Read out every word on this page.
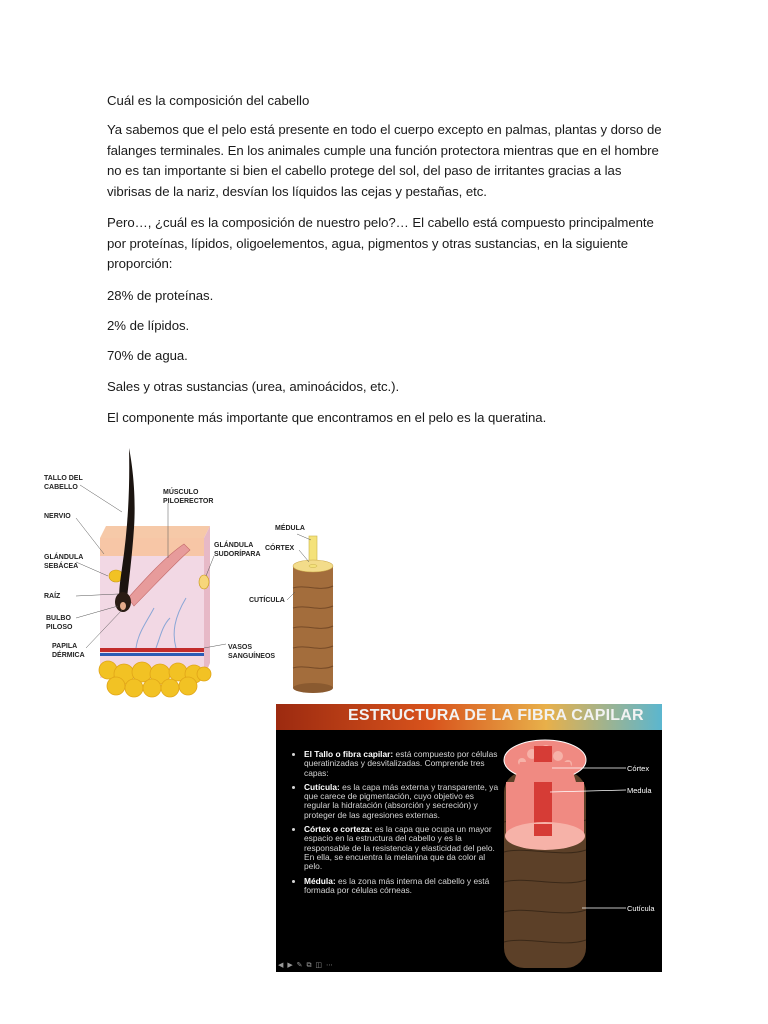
Cuál es la composición del cabello

Ya sabemos que el pelo está presente en todo el cuerpo excepto en palmas, plantas y dorso de falanges terminales. En los animales cumple una función protectora mientras que en el hombre no es tan importante si bien el cabello protege del sol, del paso de irritantes gracias a las vibrisas de la nariz, desvían los líquidos las cejas y pestañas, etc.

Pero…, ¿cuál es la composición de nuestro pelo?… El cabello está compuesto principalmente por proteínas, lípidos, oligoelementos, agua, pigmentos y otras sustancias, en la siguiente proporción:

28% de proteínas.

2% de lípidos.

70% de agua.

Sales y otras sustancias (urea, aminoácidos, etc.).

El componente más importante que encontramos en el pelo es la queratina.

TALLO DEL
CABELLO
NERVIO
GLÁNDULA
SEBÁCEA
RAÍZ
BULBO
PILOSO
PAPILA
DÉRMICA
MÚSCULO
PILOERECTOR
GLÁNDULA
SUDORÍPARA
VASOS
SANGUÍNEOS
MÉDULA
CÓRTEX
CUTÍCULA
ESTRUCTURA DE LA FIBRA CAPILAR
• El Tallo o fibra capilar: está compuesto por células queratinizadas y desvitalizadas. Comprende tres capas:
• Cutícula: es la capa más externa y transparente, ya que carece de pigmentación, cuyo objetivo es regular la hidratación (absorción y secreción) y proteger de las agresiones externas.
• Córtex o corteza: es la capa que ocupa un mayor espacio en la estructura del cabello y es la responsable de la resistencia y elasticidad del pelo. En ella, se encuentra la melanina que da color al pelo.
• Médula: es la zona más interna del cabello y está formada por células córneas.
Córtex
Medula
Cutícula
◀ ▶ ✎ ⧉ ◫ ⋯
